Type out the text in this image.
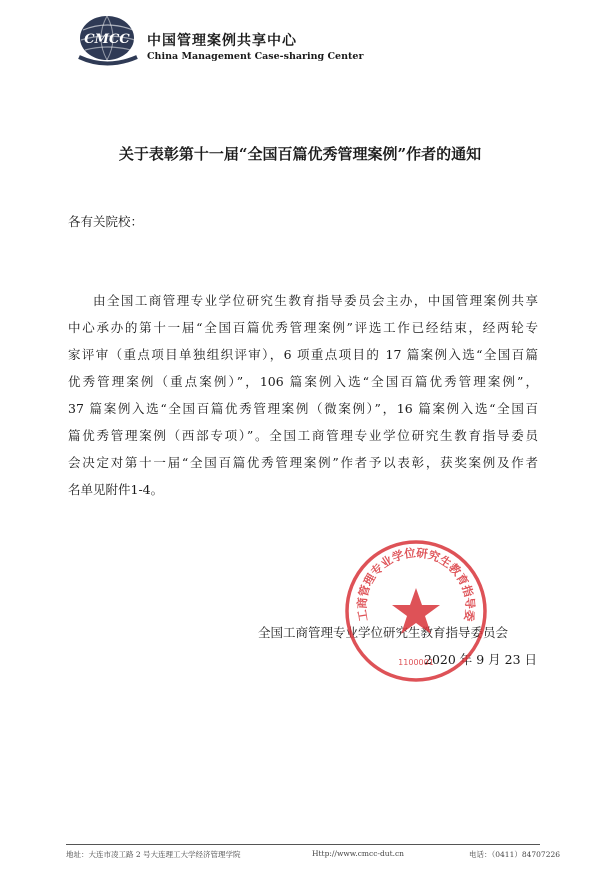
CMCC 中国管理案例共享中心
China Management Case-sharing Center
关于表彰第十一届“全国百篇优秀管理案例”作者的通知
各有关院校：
由全国工商管理专业学位研究生教育指导委员会主办，中国管理案例共享
中心承办的第十一届“全国百篇优秀管理案例”评选工作已经结束，经两轮专
家评审（重点项目单独组织评审），6 项重点项目的 17 篇案例入选“全国百篇
优秀管理案例（重点案例）”，106 篇案例入选“全国百篇优秀管理案例”，
37 篇案例入选“全国百篇优秀管理案例（微案例）”，16 篇案例入选“全国百
篇优秀管理案例（西部专项）”。全国工商管理专业学位研究生教育指导委员
会决定对第十一届“全国百篇优秀管理案例”作者予以表彰，获奖案例及作者
名单见附件1-4。
全国工商管理专业学位研究生教育指导委员会
2020 年 9 月 23 日
工商管理专业学位研究生教育指导委
1100001
地址：大连市凌工路 2 号大连理工大学经济管理学院	Http://www.cmcc-dut.cn	电话：（0411）84707226
